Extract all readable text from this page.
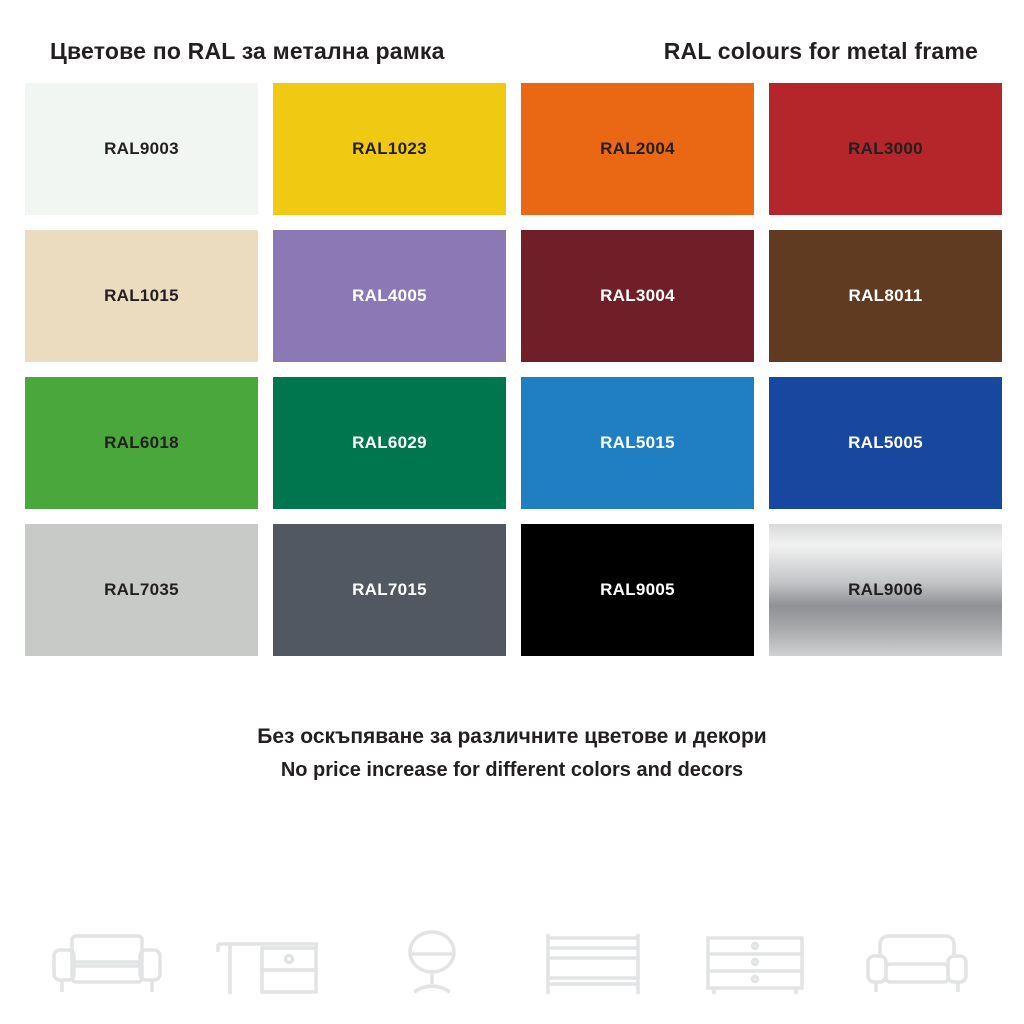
Цветове по RAL за метална рамка	RAL colours for metal frame
RAL9003	RAL1023	RAL2004	RAL3000
RAL1015	RAL4005	RAL3004	RAL8011
RAL6018	RAL6029	RAL5015	RAL5005
RAL7035	RAL7015	RAL9005	RAL9006
Без оскъпяване за различните цветове и декори
No price increase for different colors and decors
